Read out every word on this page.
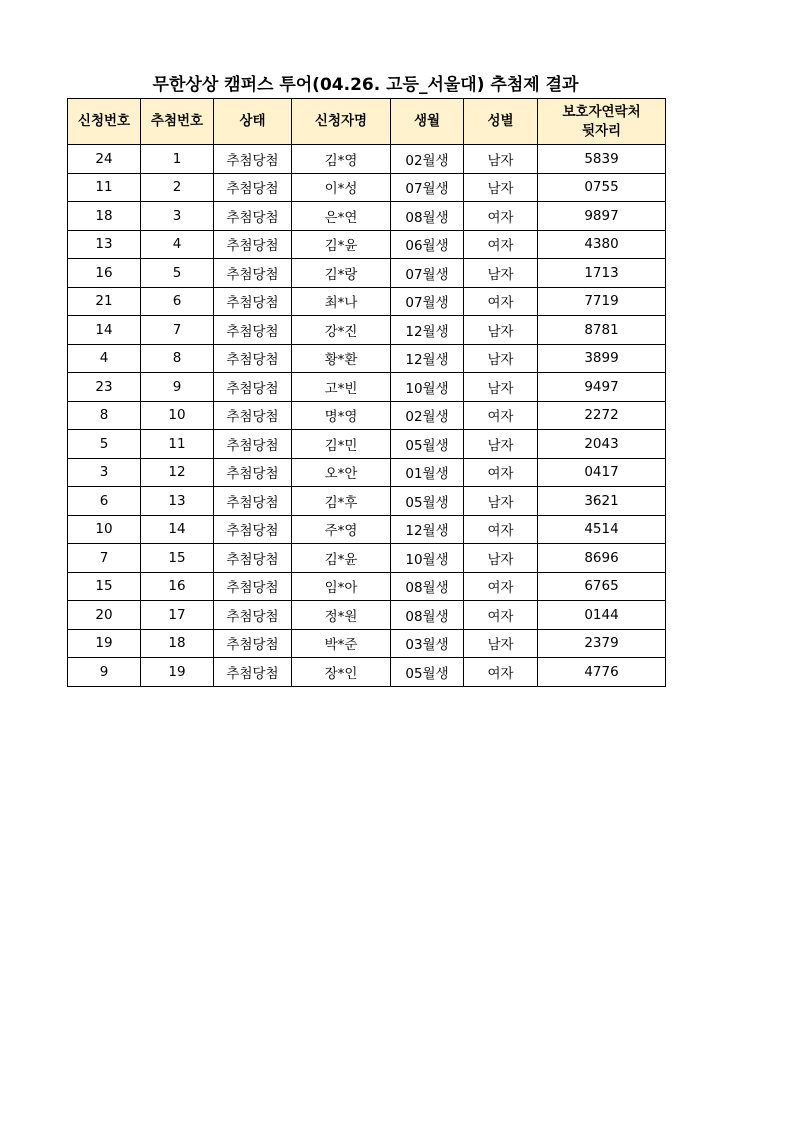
무한상상 캠퍼스 투어(04.26. 고등_서울대) 추첨제 결과
신청번호	추첨번호	상태	신청자명	생월	성별	보호자연락처
뒷자리

24	1	추첨당첨	김*영	02월생	남자	5839
11	2	추첨당첨	이*성	07월생	남자	0755
18	3	추첨당첨	은*연	08월생	여자	9897
13	4	추첨당첨	김*윤	06월생	여자	4380
16	5	추첨당첨	김*랑	07월생	남자	1713
21	6	추첨당첨	최*나	07월생	여자	7719
14	7	추첨당첨	강*진	12월생	남자	8781
4	8	추첨당첨	황*환	12월생	남자	3899
23	9	추첨당첨	고*빈	10월생	남자	9497
8	10	추첨당첨	명*영	02월생	여자	2272
5	11	추첨당첨	김*민	05월생	남자	2043
3	12	추첨당첨	오*안	01월생	여자	0417
6	13	추첨당첨	김*후	05월생	남자	3621
10	14	추첨당첨	주*영	12월생	여자	4514
7	15	추첨당첨	김*윤	10월생	남자	8696
15	16	추첨당첨	임*아	08월생	여자	6765
20	17	추첨당첨	정*원	08월생	여자	0144
19	18	추첨당첨	박*준	03월생	남자	2379
9	19	추첨당첨	장*인	05월생	여자	4776
